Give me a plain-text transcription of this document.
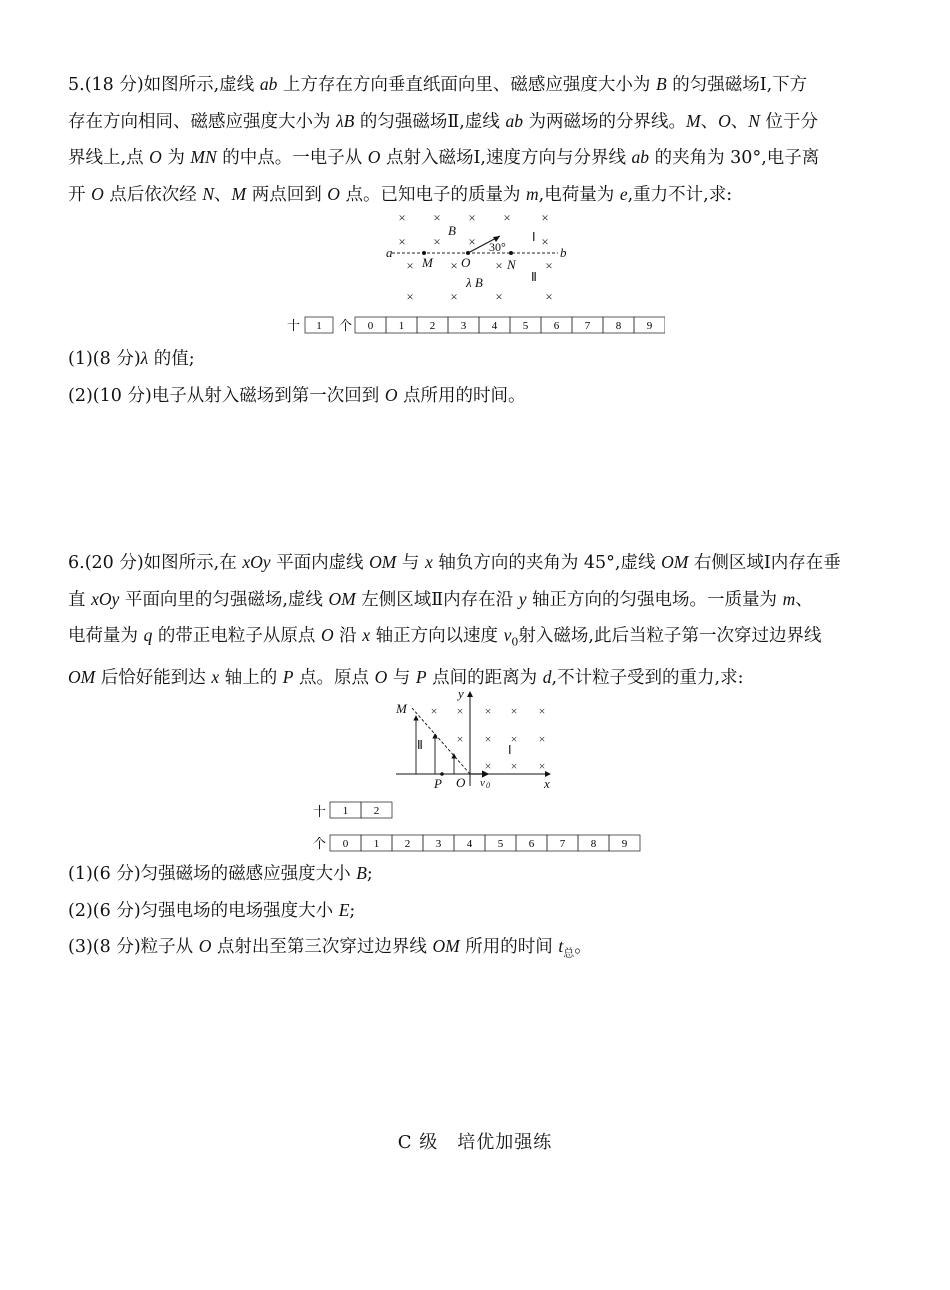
5.(18 分)如图所示,虚线 ab 上方存在方向垂直纸面向里、磁感应强度大小为 B 的匀强磁场Ⅰ,下方
存在方向相同、磁感应强度大小为 λB 的匀强磁场Ⅱ,虚线 ab 为两磁场的分界线。M、O、N 位于分
界线上,点 O 为 MN 的中点。一电子从 O 点射入磁场Ⅰ,速度方向与分界线 ab 的夹角为 30°,电子离
开 O 点后依次经 N、M 两点回到 O 点。已知电子的质量为 m,电荷量为 e,重力不计,求:
× × × × ×
× × ×	×
×	×	×	×
×	×	×	×
a	b
M O	N
B
λ B
30°
Ⅰ
Ⅱ
十 1 个 0 1 2 3 4 5 6 7 8 9
(1)(8 分)λ 的值;
(2)(10 分)电子从射入磁场到第一次回到 O 点所用的时间。
6.(20 分)如图所示,在 xOy 平面内虚线 OM 与 x 轴负方向的夹角为 45°,虚线 OM 右侧区域Ⅰ内存在垂
直 xOy 平面向里的匀强磁场,虚线 OM 左侧区域Ⅱ内存在沿 y 轴正方向的匀强电场。一质量为 m、
电荷量为 q 的带正电粒子从原点 O 沿 x 轴正方向以速度 $v_0$射入磁场,此后当粒子第一次穿过边界线
OM 后恰好能到达 x 轴上的 P 点。原点 O 与 P 点间的距离为 d,不计粒子受到的重力,求:
× × × × ×
× × × ×
× × ×
M
y
x
O
P	v 0
Ⅱ	Ⅰ
十 1 2
个 0 1 2 3 4 5 6 7 8 9
(1)(6 分)匀强磁场的磁感应强度大小 B;
(2)(6 分)匀强电场的电场强度大小 E;
(3)(8 分)粒子从 O 点射出至第三次穿过边界线 OM 所用的时间 $t_总$。
C 级　培优加强练
